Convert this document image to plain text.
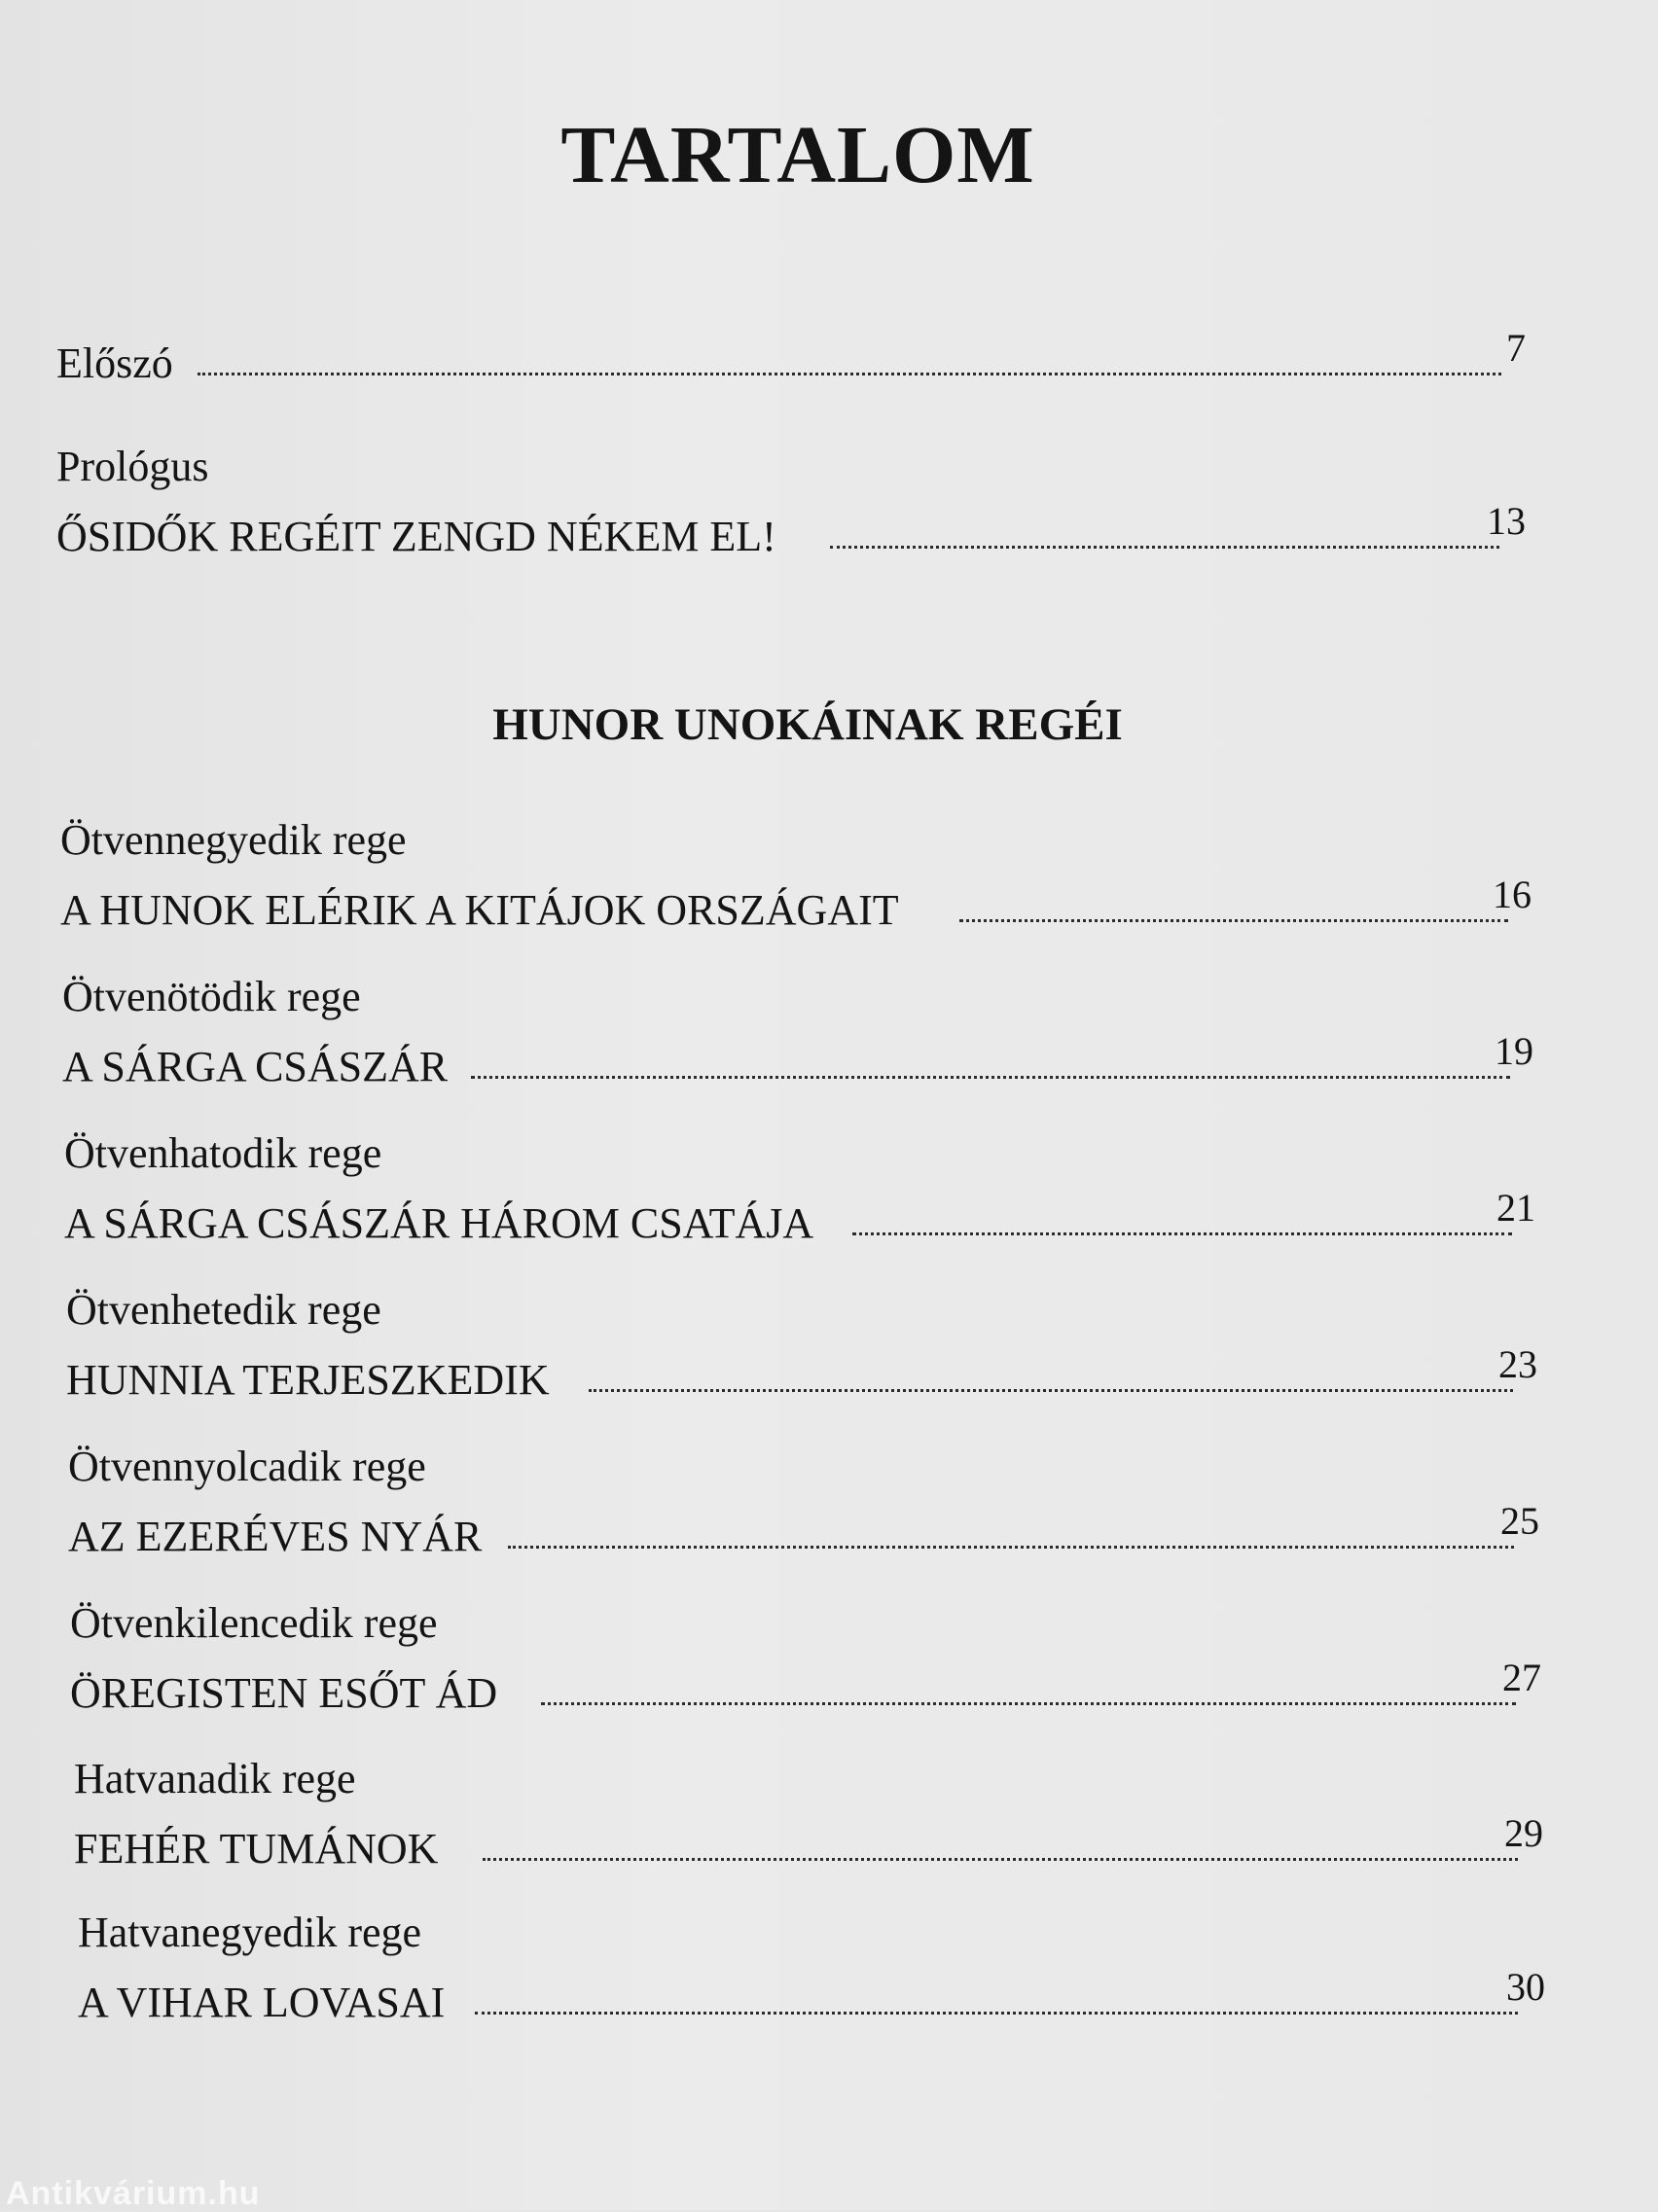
TARTALOM
Előszó	7
Prológus
ŐSIDŐK REGÉIT ZENGD NÉKEM EL!	13
HUNOR UNOKÁINAK REGÉI
Ötvennegyedik rege
A HUNOK ELÉRIK A KITÁJOK ORSZÁGAIT	16
Ötvenötödik rege
A SÁRGA CSÁSZÁR	19
Ötvenhatodik rege
A SÁRGA CSÁSZÁR HÁROM CSATÁJA	21
Ötvenhetedik rege
HUNNIA TERJESZKEDIK	23
Ötvennyolcadik rege
AZ EZERÉVES NYÁR	25
Ötvenkilencedik rege
ÖREGISTEN ESŐT ÁD	27
Hatvanadik rege
FEHÉR TUMÁNOK	29
Hatvanegyedik rege
A VIHAR LOVASAI	30
Antikvárium.hu
